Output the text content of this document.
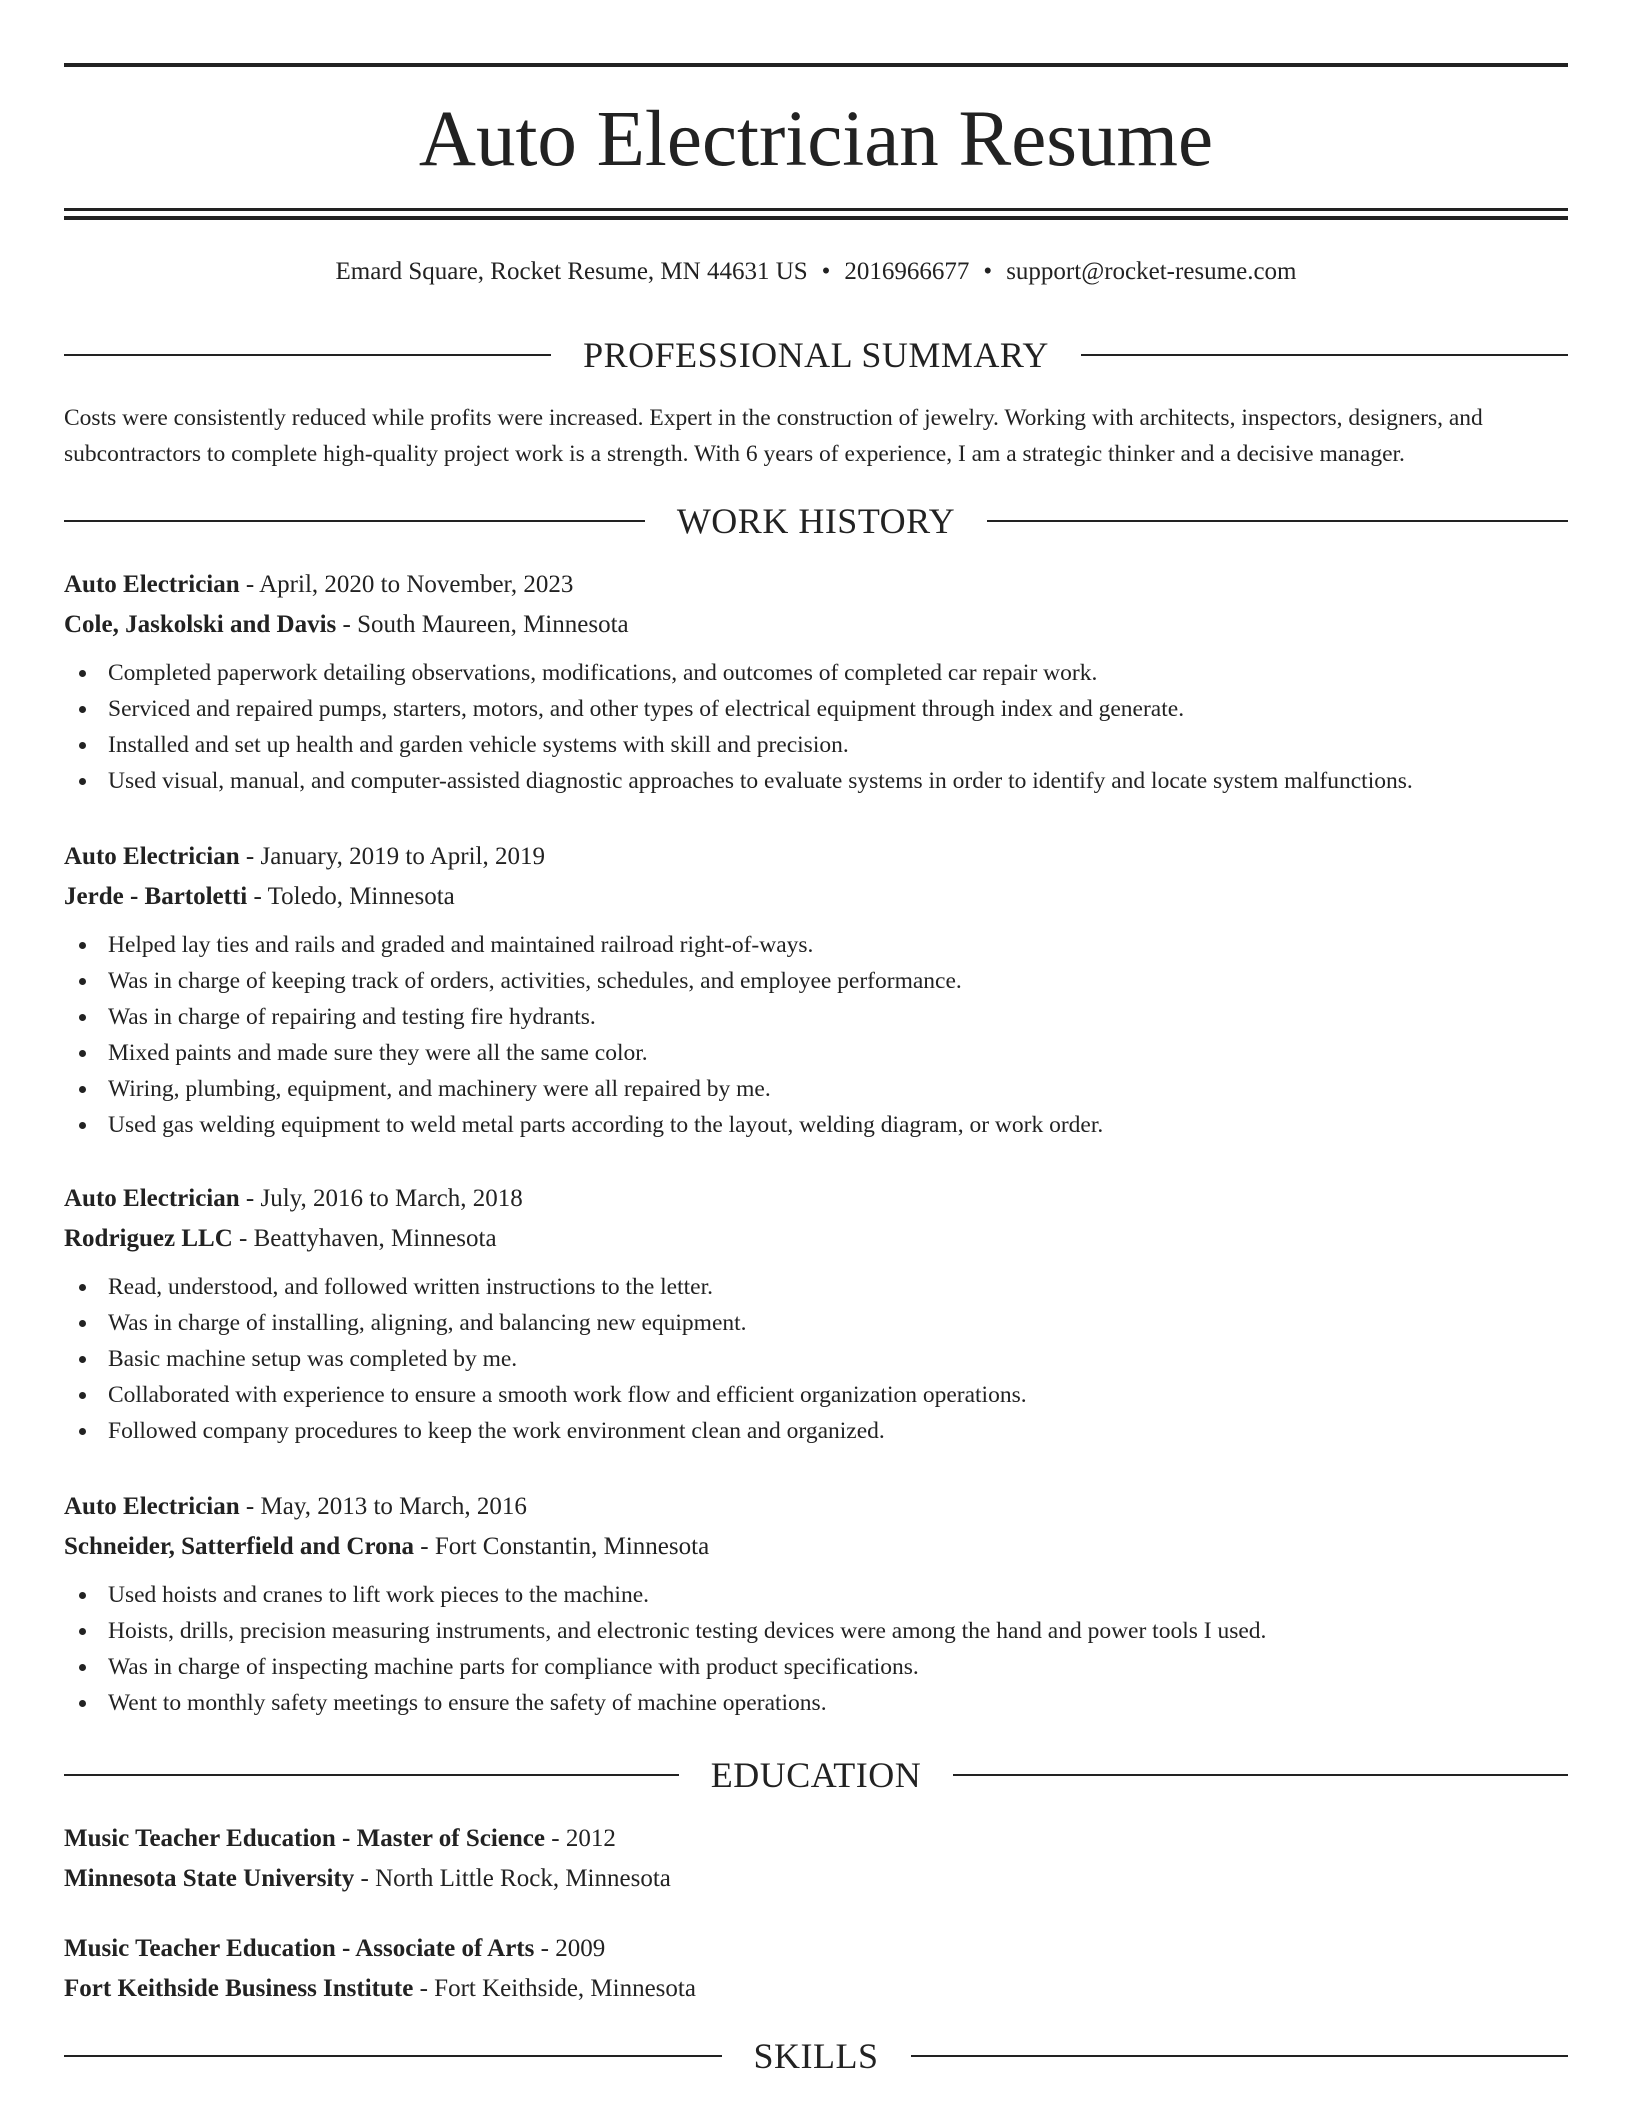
Auto Electrician Resume
Emard Square, Rocket Resume, MN 44631 US • 2016966677 • support@rocket-resume.com
PROFESSIONAL SUMMARY

Costs were consistently reduced while profits were increased. Expert in the construction of jewelry. Working with architects, inspectors, designers, and subcontractors to complete high-quality project work is a strength. With 6 years of experience, I am a strategic thinker and a decisive manager.

WORK HISTORY
Auto Electrician - April, 2020 to November, 2023
Cole, Jaskolski and Davis - South Maureen, Minnesota
Completed paperwork detailing observations, modifications, and outcomes of completed car repair work.
Serviced and repaired pumps, starters, motors, and other types of electrical equipment through index and generate.
Installed and set up health and garden vehicle systems with skill and precision.
Used visual, manual, and computer-assisted diagnostic approaches to evaluate systems in order to identify and locate system malfunctions.
Auto Electrician - January, 2019 to April, 2019
Jerde - Bartoletti - Toledo, Minnesota
Helped lay ties and rails and graded and maintained railroad right-of-ways.
Was in charge of keeping track of orders, activities, schedules, and employee performance.
Was in charge of repairing and testing fire hydrants.
Mixed paints and made sure they were all the same color.
Wiring, plumbing, equipment, and machinery were all repaired by me.
Used gas welding equipment to weld metal parts according to the layout, welding diagram, or work order.
Auto Electrician - July, 2016 to March, 2018
Rodriguez LLC - Beattyhaven, Minnesota
Read, understood, and followed written instructions to the letter.
Was in charge of installing, aligning, and balancing new equipment.
Basic machine setup was completed by me.
Collaborated with experience to ensure a smooth work flow and efficient organization operations.
Followed company procedures to keep the work environment clean and organized.
Auto Electrician - May, 2013 to March, 2016
Schneider, Satterfield and Crona - Fort Constantin, Minnesota
Used hoists and cranes to lift work pieces to the machine.
Hoists, drills, precision measuring instruments, and electronic testing devices were among the hand and power tools I used.
Was in charge of inspecting machine parts for compliance with product specifications.
Went to monthly safety meetings to ensure the safety of machine operations.
EDUCATION
Music Teacher Education - Master of Science - 2012
Minnesota State University - North Little Rock, Minnesota
Music Teacher Education - Associate of Arts - 2009
Fort Keithside Business Institute - Fort Keithside, Minnesota
SKILLS
